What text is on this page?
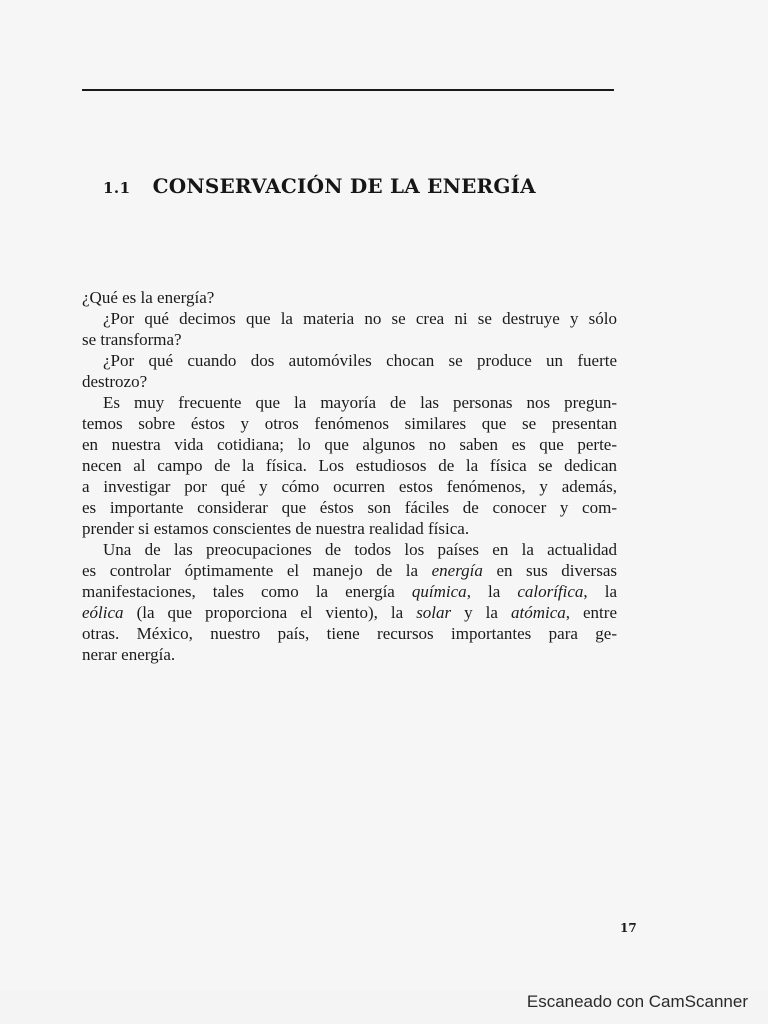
1.1 CONSERVACIÓN DE LA ENERGÍA
¿Qué es la energía?
¿Por qué decimos que la materia no se crea ni se destruye y sólo
se transforma?
¿Por qué cuando dos automóviles chocan se produce un fuerte
destrozo?
Es muy frecuente que la mayoría de las personas nos pregun-
temos sobre éstos y otros fenómenos similares que se presentan
en nuestra vida cotidiana; lo que algunos no saben es que perte-
necen al campo de la física. Los estudiosos de la física se dedican
a investigar por qué y cómo ocurren estos fenómenos, y además,
es importante considerar que éstos son fáciles de conocer y com-
prender si estamos conscientes de nuestra realidad física.
Una de las preocupaciones de todos los países en la actualidad
es controlar óptimamente el manejo de la energía en sus diversas
manifestaciones, tales como la energía química, la calorífica, la
eólica (la que proporciona el viento), la solar y la atómica, entre
otras. México, nuestro país, tiene recursos importantes para ge-
nerar energía.
17
Escaneado con CamScanner
